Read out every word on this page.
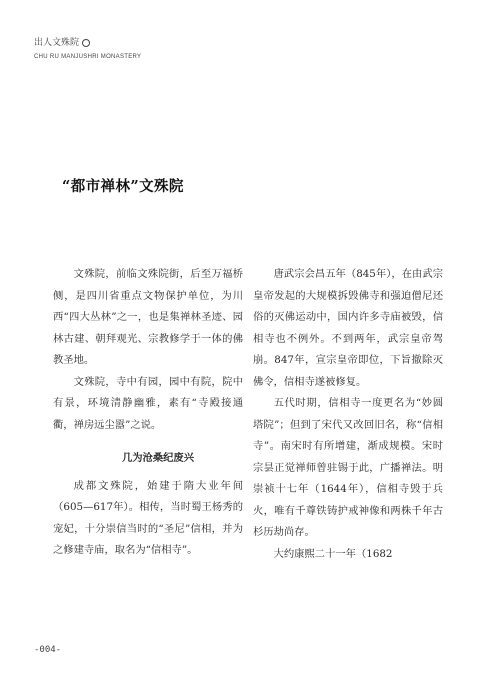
出人文殊院
CHU RU MANJUSHRI MONASTERY
“都市禅林”文殊院

文殊院，前临文殊院街，后至万福桥侧，是四川省重点文物保护单位，为川西“四大丛林”之一，也是集禅林圣迹、园林古建、朝拜观光、宗教修学于一体的佛教圣地。

文殊院，寺中有园，园中有院，院中有景，环境清静幽雅，素有“寺殿接通衢，禅房远尘嚣”之说。

几为沧桑纪废兴

成都文殊院，始建于隋大业年间（605—617年）。相传，当时蜀王杨秀的宠妃，十分崇信当时的“圣尼”信相，并为之修建寺庙，取名为“信相寺”。

唐武宗会昌五年（845年），在由武宗皇帝发起的大规模拆毁佛寺和强迫僧尼还俗的灭佛运动中，国内许多寺庙被毁，信相寺也不例外。不到两年，武宗皇帝驾崩。847年，宣宗皇帝即位，下旨撤除灭佛令，信相寺遂被修复。

五代时期，信相寺一度更名为“妙圆塔院”；但到了宋代又改回旧名，称“信相寺”。南宋时有所增建，渐成规模。宋时宗昙正觉禅师曾驻锡于此，广播禅法。明崇祯十七年（1644年），信相寺毁于兵火，唯有千尊铁铸护戒神像和两株千年古杉历劫尚存。

大约康熙二十一年（1682

-004-
